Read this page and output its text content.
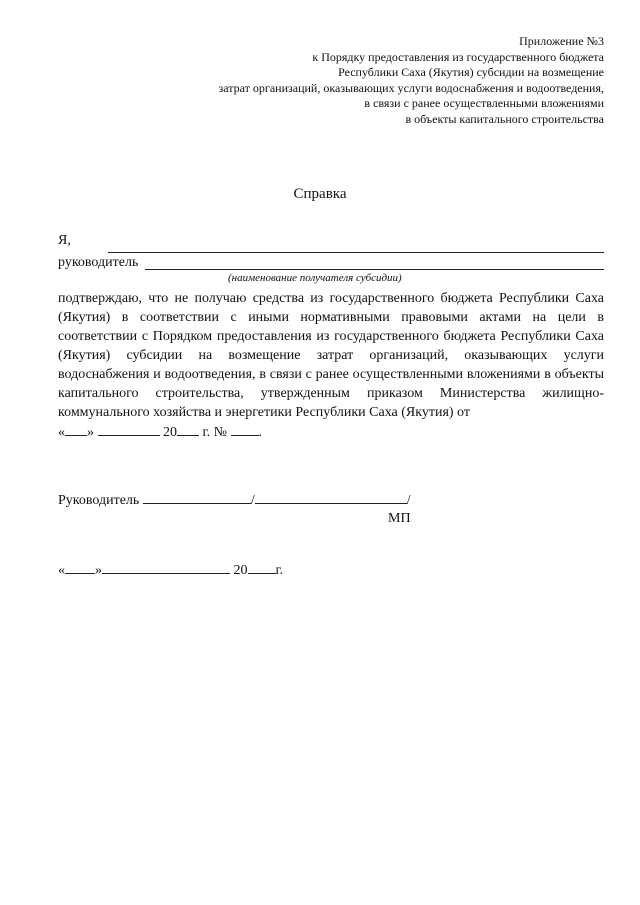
Приложение №3
к Порядку предоставления из государственного бюджета
Республики Саха (Якутия) субсидии на возмещение
затрат организаций, оказывающих услуги водоснабжения и водоотведения,
в связи с ранее осуществленными вложениями
в объекты капитального строительства
Справка
Я,
руководитель
(наименование получателя субсидии)

подтверждаю, что не получаю средства из государственного бюджета Республики Саха (Якутия) в соответствии с иными нормативными правовыми актами на цели в соответствии с Порядком предоставления из государственного бюджета Республики Саха (Якутия) субсидии на возмещение затрат организаций, оказывающих услуги водоснабжения и водоотведения, в связи с ранее осуществленными вложениями в объекты капитального строительства, утвержденным приказом Министерства жилищно-коммунального хозяйства и энергетики Республики Саха (Якутия) от

« »	20 г. № .
Руководитель	/	/
МП
« »	20 г.
